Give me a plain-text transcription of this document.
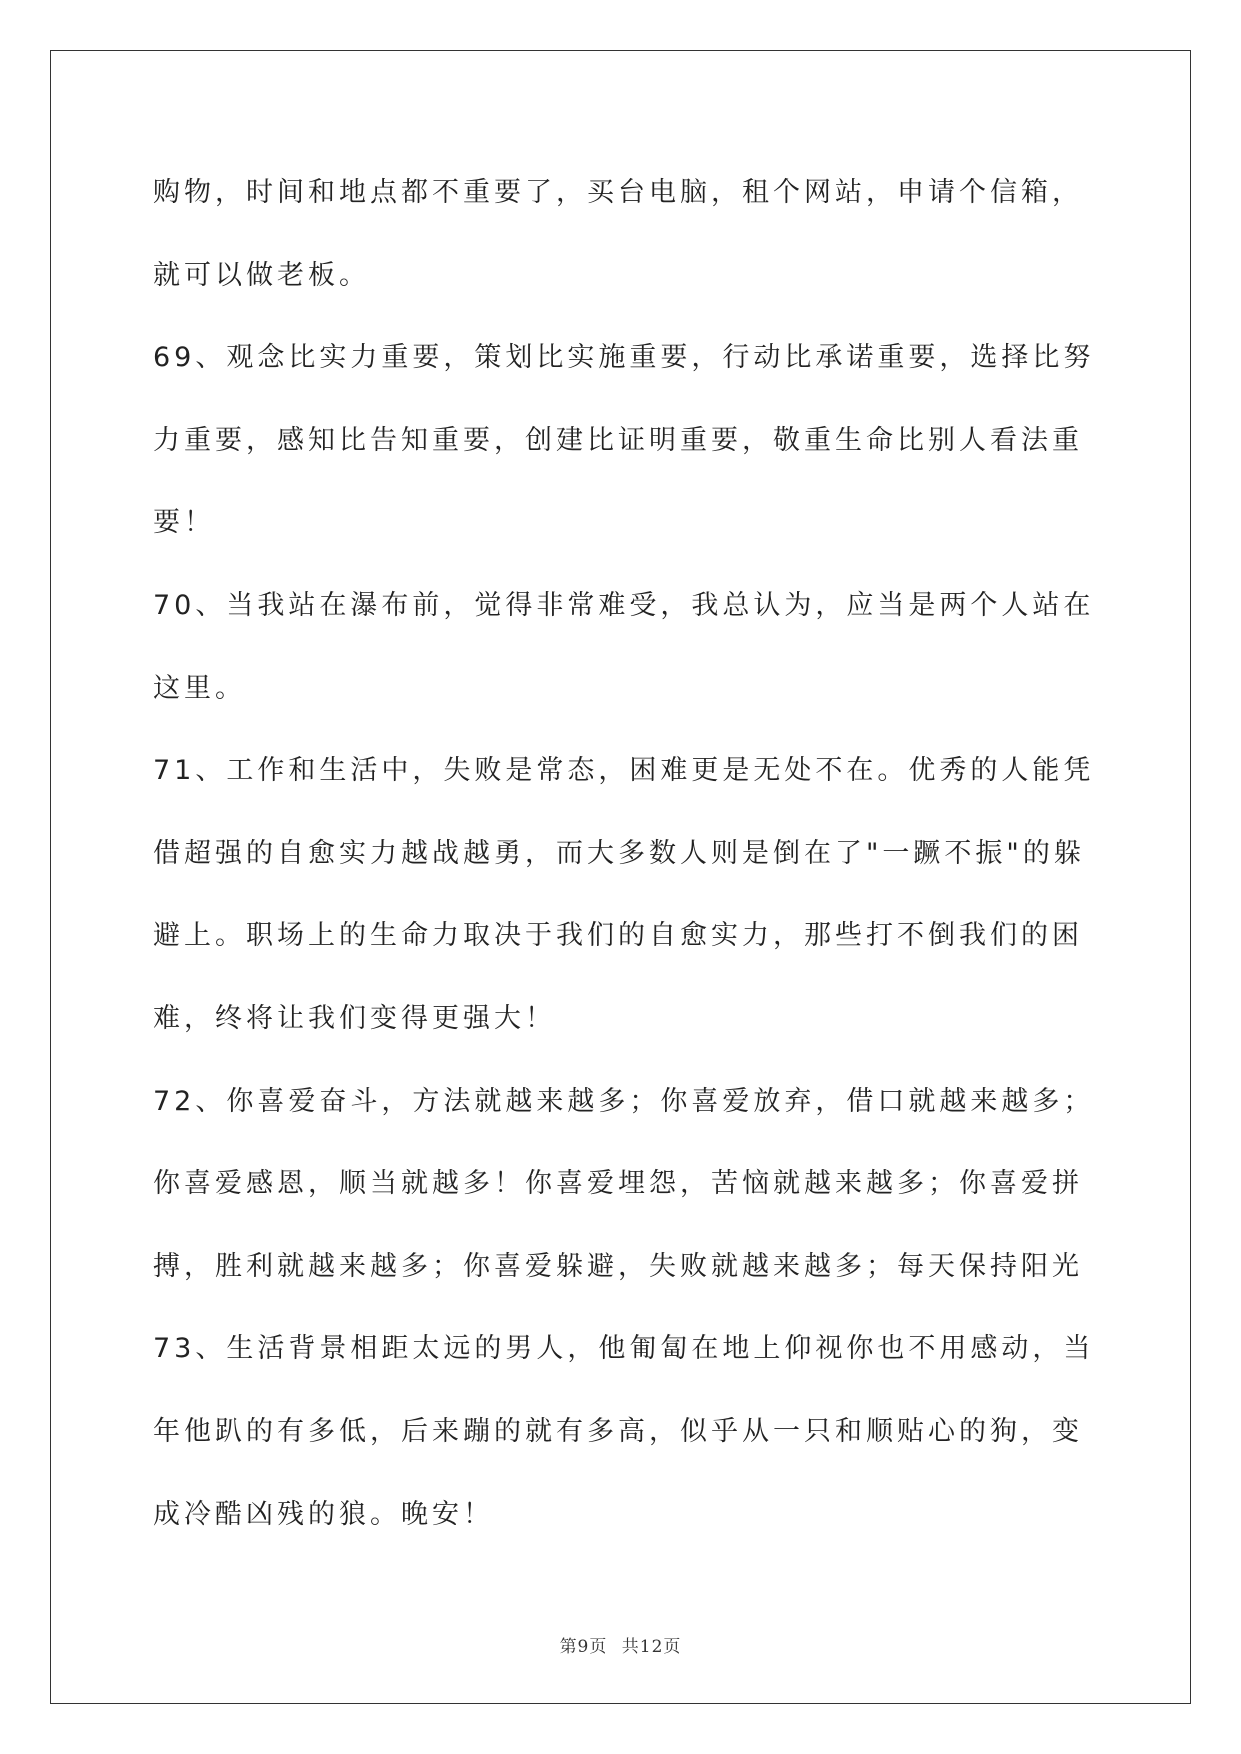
购物，时间和地点都不重要了，买台电脑，租个网站，申请个信箱，
就可以做老板。
69、观念比实力重要，策划比实施重要，行动比承诺重要，选择比努
力重要，感知比告知重要，创建比证明重要，敬重生命比别人看法重
要！
70、当我站在瀑布前，觉得非常难受，我总认为，应当是两个人站在
这里。
71、工作和生活中，失败是常态，困难更是无处不在。优秀的人能凭
借超强的自愈实力越战越勇，而大多数人则是倒在了"一蹶不振"的躲
避上。职场上的生命力取决于我们的自愈实力，那些打不倒我们的困
难，终将让我们变得更强大！
72、你喜爱奋斗，方法就越来越多；你喜爱放弃，借口就越来越多；
你喜爱感恩，顺当就越多！你喜爱埋怨，苦恼就越来越多；你喜爱拼
搏，胜利就越来越多；你喜爱躲避，失败就越来越多；每天保持阳光
73、生活背景相距太远的男人，他匍匐在地上仰视你也不用感动，当
年他趴的有多低，后来蹦的就有多高，似乎从一只和顺贴心的狗，变
成冷酷凶残的狼。晚安！
第9页 共12页
